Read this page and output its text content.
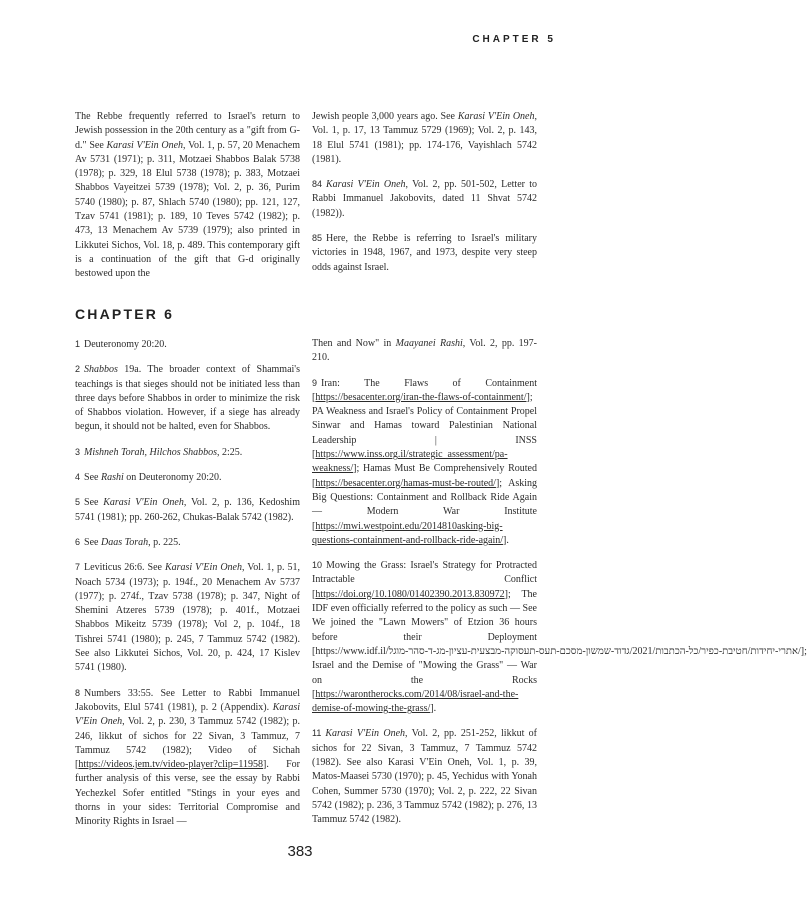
CHAPTER 5

The Rebbe frequently referred to Israel's return to Jewish possession in the 20th century as a "gift from G-d." See Karasi V'Ein Oneh, Vol. 1, p. 57, 20 Menachem Av 5731 (1971); p. 311, Motzaei Shabbos Balak 5738 (1978); p. 329, 18 Elul 5738 (1978); p. 383, Motzaei Shabbos Vayeitzei 5739 (1978); Vol. 2, p. 36, Purim 5740 (1980); p. 87, Shlach 5740 (1980); pp. 121, 127, Tzav 5741 (1981); p. 189, 10 Teves 5742 (1982); p. 473, 13 Menachem Av 5739 (1979); also printed in Likkutei Sichos, Vol. 18, p. 489. This contemporary gift is a continuation of the gift that G-d originally bestowed upon the

Jewish people 3,000 years ago. See Karasi V'Ein Oneh, Vol. 1, p. 17, 13 Tammuz 5729 (1969); Vol. 2, p. 143, 18 Elul 5741 (1981); pp. 174-176, Vayishlach 5742 (1981).

84 Karasi V'Ein Oneh, Vol. 2, pp. 501-502, Letter to Rabbi Immanuel Jakobovits, dated 11 Shvat 5742 (1982)).

85 Here, the Rebbe is referring to Israel's military victories in 1948, 1967, and 1973, despite very steep odds against Israel.

CHAPTER 6

1 Deuteronomy 20:20.

2 Shabbos 19a. The broader context of Shammai's teachings is that sieges should not be initiated less than three days before Shabbos in order to minimize the risk of Shabbos violation. However, if a siege has already begun, it should not be halted, even for Shabbos.

3 Mishneh Torah, Hilchos Shabbos, 2:25.

4 See Rashi on Deuteronomy 20:20.

5 See Karasi V'Ein Oneh, Vol. 2, p. 136, Kedoshim 5741 (1981); pp. 260-262, Chukas-Balak 5742 (1982).

6 See Daas Torah, p. 225.

7 Leviticus 26:6. See Karasi V'Ein Oneh, Vol. 1, p. 51, Noach 5734 (1973); p. 194f., 20 Menachem Av 5737 (1977); p. 274f., Tzav 5738 (1978); p. 347, Night of Shemini Atzeres 5739 (1978); p. 401f., Motzaei Shabbos Mikeitz 5739 (1978); Vol 2, p. 104f., 18 Tishrei 5741 (1980); p. 245, 7 Tammuz 5742 (1982). See also Likkutei Sichos, Vol. 20, p. 424, 17 Kislev 5741 (1980).

8 Numbers 33:55. See Letter to Rabbi Immanuel Jakobovits, Elul 5741 (1981), p. 2 (Appendix). Karasi V'Ein Oneh, Vol. 2, p. 230, 3 Tammuz 5742 (1982); p. 246, likkut of sichos for 22 Sivan, 3 Tammuz, 7 Tammuz 5742 (1982); Video of Sichah [https://videos.jem.tv/video-player?clip=11958]. For further analysis of this verse, see the essay by Rabbi Yechezkel Sofer entitled "Stings in your eyes and thorns in your sides: Territorial Compromise and Minority Rights in Israel —

Then and Now" in Maayanei Rashi, Vol. 2, pp. 197-210.

9 Iran: The Flaws of Containment [https://besacenter.org/iran-the-flaws-of-containment/]; PA Weakness and Israel's Policy of Containment Propel Sinwar and Hamas toward Palestinian National Leadership | INSS [https://www.inss.org.il/strategic_assessment/pa-weakness/]; Hamas Must Be Comprehensively Routed [https://besacenter.org/hamas-must-be-routed/]; Asking Big Questions: Containment and Rollback Ride Again — Modern War Institute [https://mwi.westpoint.edu/2014810asking-big-questions-containment-and-rollback-ride-again/].

10 Mowing the Grass: Israel's Strategy for Protracted Intractable Conflict [https://doi.org/10.1080/01402390.2013.830972]; The IDF even officially referred to the policy as such — See We joined the "Lawn Mowers" of Etzion 36 hours before their Deployment [https://www.idf.il/אתרי-יחידות/חטיבת-כפיר/כל-הכתבות/2021/גדוד-שמשון-מסכם-תעס-תעסוקה-מבצעית-עציון-מג-ד-סהר-מוגל/]; Israel and the Demise of "Mowing the Grass" — War on the Rocks [https://warontherocks.com/2014/08/israel-and-the-demise-of-mowing-the-grass/].

11 Karasi V'Ein Oneh, Vol. 2, pp. 251-252, likkut of sichos for 22 Sivan, 3 Tammuz, 7 Tammuz 5742 (1982). See also Karasi V'Ein Oneh, Vol. 1, p. 39, Matos-Maasei 5730 (1970); p. 45, Yechidus with Yonah Cohen, Summer 5730 (1970); Vol. 2, p. 222, 22 Sivan 5742 (1982); p. 236, 3 Tammuz 5742 (1982); p. 276, 13 Tammuz 5742 (1982).

383
